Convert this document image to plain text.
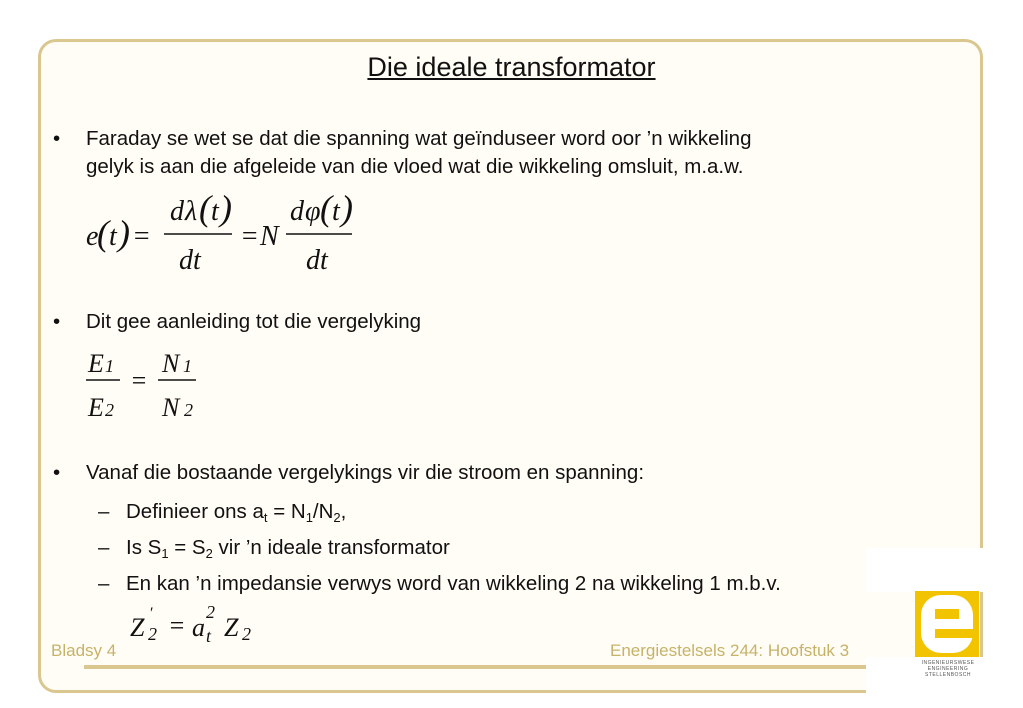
Die ideale transformator
• Faraday se wet se dat die spanning wat geïnduseer word oor ’n wikkeling
gelyk is aan die afgeleide van die vloed wat die wikkeling omsluit, m.a.w.
e
( t ) =
d λ ( t )
dt
= N
d φ ( t )
dt
• Dit gee aanleiding tot die vergelyking
E 1
E 2
=
N 1
N 2
• Vanaf die bostaande vergelykings vir die stroom en spanning:
– Definieer ons $a_t = N_1/N_2$,
– Is $S_1 = S_2$ vir ’n ideale transformator
– En kan ’n impedansie verwys word van wikkeling 2 na wikkeling 1 m.b.v.
Z ′
2 = a
2
t Z 2
Bladsy 4	Energiestelsels 244: Hoofstuk 3
INGENIEURSWESE ENGINEERING STELLENBOSCH
